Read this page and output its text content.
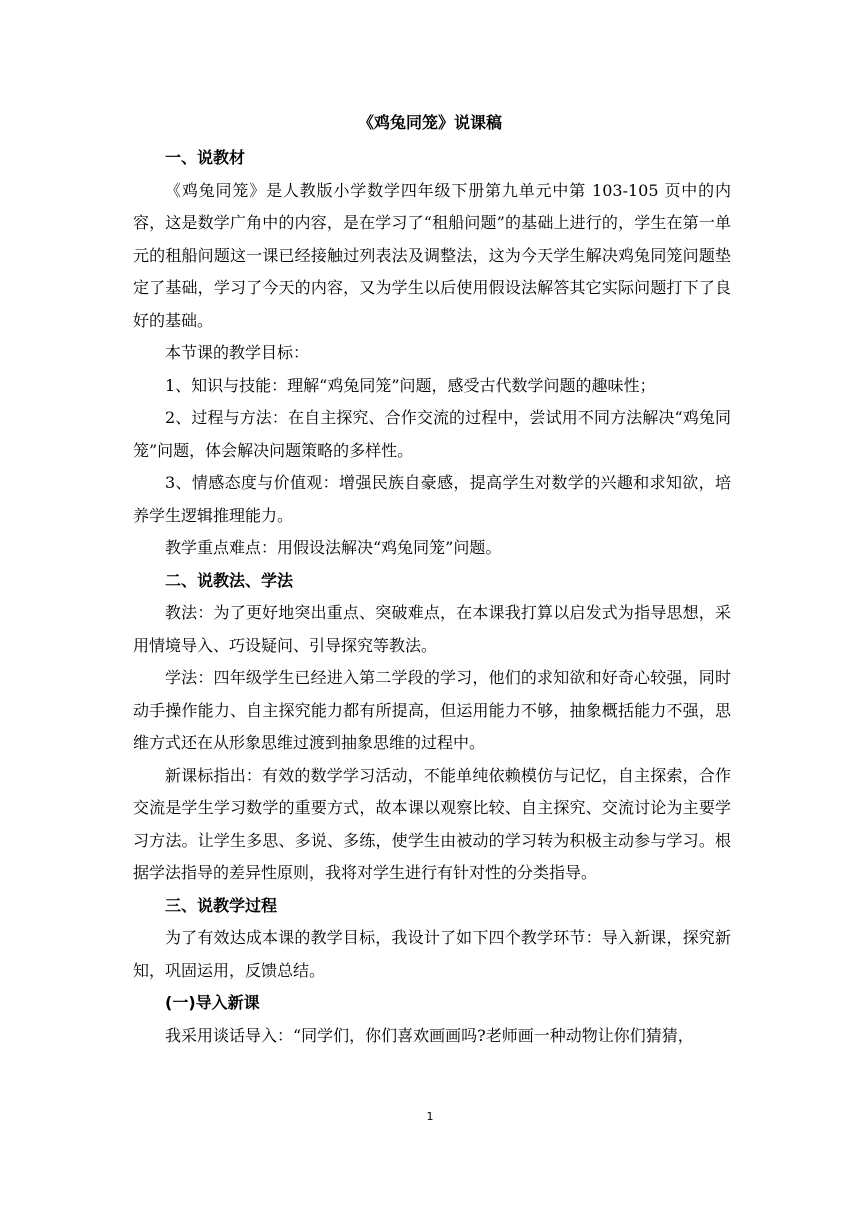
《鸡兔同笼》说课稿

一、说教材

《鸡兔同笼》是人教版小学数学四年级下册第九单元中第 103-105 页中的内容，这是数学广角中的内容，是在学习了“租船问题”的基础上进行的，学生在第一单元的租船问题这一课已经接触过列表法及调整法，这为今天学生解决鸡兔同笼问题垫定了基础，学习了今天的内容，又为学生以后使用假设法解答其它实际问题打下了良好的基础。

本节课的教学目标：

1、知识与技能：理解“鸡兔同笼”问题，感受古代数学问题的趣味性；

2、过程与方法：在自主探究、合作交流的过程中，尝试用不同方法解决“鸡兔同笼”问题，体会解决问题策略的多样性。

3、情感态度与价值观：增强民族自豪感，提高学生对数学的兴趣和求知欲，培养学生逻辑推理能力。

教学重点难点：用假设法解决“鸡兔同笼”问题。

二、说教法、学法

教法：为了更好地突出重点、突破难点，在本课我打算以启发式为指导思想，采用情境导入、巧设疑问、引导探究等教法。

学法：四年级学生已经进入第二学段的学习，他们的求知欲和好奇心较强，同时动手操作能力、自主探究能力都有所提高，但运用能力不够，抽象概括能力不强，思维方式还在从形象思维过渡到抽象思维的过程中。

新课标指出：有效的数学学习活动，不能单纯依赖模仿与记忆，自主探索，合作交流是学生学习数学的重要方式，故本课以观察比较、自主探究、交流讨论为主要学习方法。让学生多思、多说、多练，使学生由被动的学习转为积极主动参与学习。根据学法指导的差异性原则，我将对学生进行有针对性的分类指导。

三、说教学过程

为了有效达成本课的教学目标，我设计了如下四个教学环节：导入新课，探究新知，巩固运用，反馈总结。

(一)导入新课

我采用谈话导入：“同学们，你们喜欢画画吗?老师画一种动物让你们猜猜，

1
